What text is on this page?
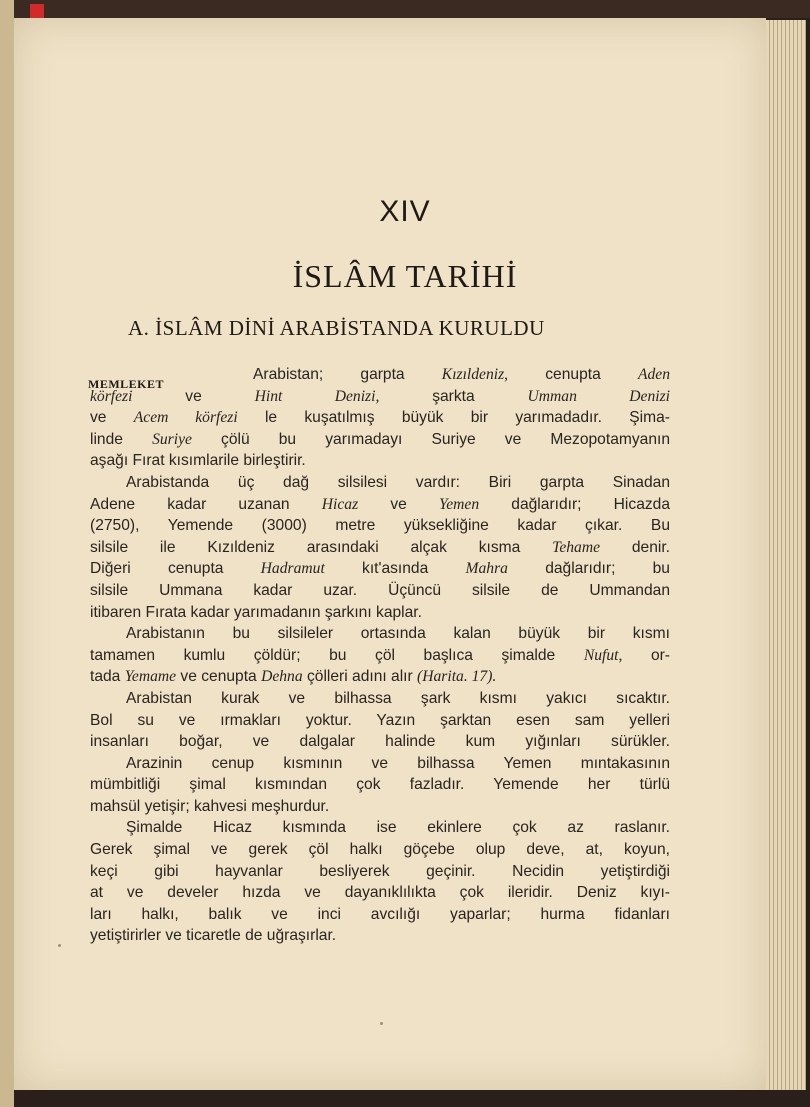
XIV
İSLÂM TARİHİ
A. İSLÂM DİNİ ARABİSTANDA KURULDU
MEMLEKET
Arabistan; garpta Kızıldeniz, cenupta Aden
körfezi ve Hint Denizi, şarkta Umman Denizi
ve Acem körfezi le kuşatılmış büyük bir yarımadadır. Şima-
linde Suriye çölü bu yarımadayı Suriye ve Mezopotamyanın
aşağı Fırat kısımlarile birleştirir.
Arabistanda üç dağ silsilesi vardır: Biri garpta Sinadan
Adene kadar uzanan Hicaz ve Yemen dağlarıdır; Hicazda
(2750), Yemende (3000) metre yüksekliğine kadar çıkar. Bu
silsile ile Kızıldeniz arasındaki alçak kısma Tehame denir.
Diğeri cenupta Hadramut kıt'asında Mahra dağlarıdır; bu
silsile Ummana kadar uzar. Üçüncü silsile de Ummandan
itibaren Fırata kadar yarımadanın şarkını kaplar.
Arabistanın bu silsileler ortasında kalan büyük bir kısmı
tamamen kumlu çöldür; bu çöl başlıca şimalde Nufut, or-
tada Yemame ve cenupta Dehna çölleri adını alır (Harita. 17).
Arabistan kurak ve bilhassa şark kısmı yakıcı sıcaktır.
Bol su ve ırmakları yoktur. Yazın şarktan esen sam yelleri
insanları boğar, ve dalgalar halinde kum yığınları sürükler.
Arazinin cenup kısmının ve bilhassa Yemen mıntakasının
mümbitliği şimal kısmından çok fazladır. Yemende her türlü
mahsül yetişir; kahvesi meşhurdur.
Şimalde Hicaz kısmında ise ekinlere çok az raslanır.
Gerek şimal ve gerek çöl halkı göçebe olup deve, at, koyun,
keçi gibi hayvanlar besliyerek geçinir. Necidin yetiştirdiği
at ve develer hızda ve dayanıklılıkta çok ileridir. Deniz kıyı-
ları halkı, balık ve inci avcılığı yaparlar; hurma fidanları
yetiştirirler ve ticaretle de uğraşırlar.
